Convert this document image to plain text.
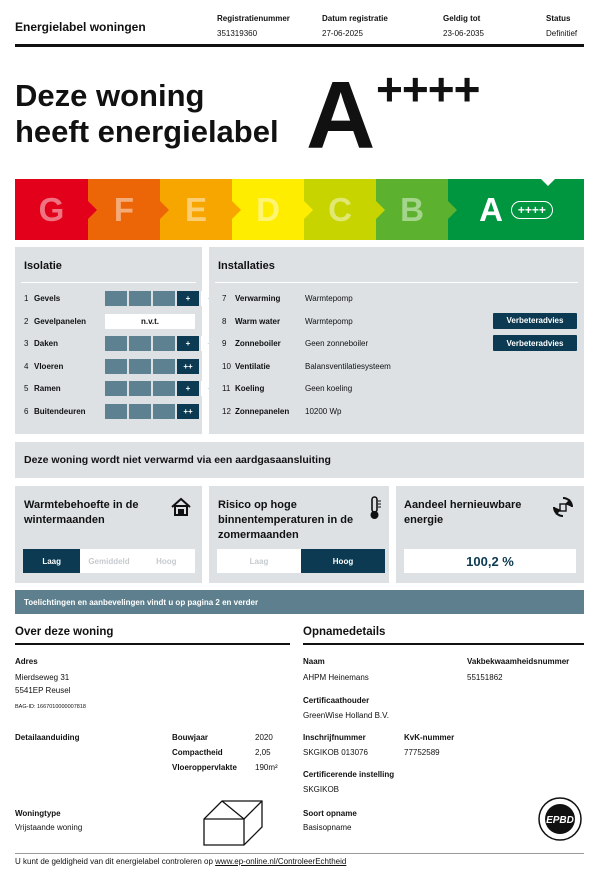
Energielabel woningen
Registratienummer
351319360
Datum registratie
27-06-2025
Geldig tot
23-06-2035
Status
Definitief
Deze woning
heeft energielabel A ++++
G F E D C B A	++++
Isolatie
1 Gevels	+
2 Gevelpanelen	n.v.t.
3 Daken	+
4 Vloeren	++
5 Ramen	+
6 Buitendeuren	++
Installaties
7 Verwarming	Warmtepomp
8 Warm water	Warmtepomp	Verbeteradvies
9 Zonneboiler	Geen zonneboiler	Verbeteradvies
10 Ventilatie	Balansventilatiesysteem
11 Koeling	Geen koeling
12 Zonnepanelen 10200 Wp
Deze woning wordt niet verwarmd via een aardgasaansluiting
Warmtebehoefte in de wintermaanden
Laag	Gemiddeld	Hoog
Risico op hoge binnentemperaturen in de zomermaanden
Laag	Hoog
Aandeel hernieuwbare energie
100,2 %
Toelichtingen en aanbevelingen vindt u op pagina 2 en verder
Over deze woning
Adres
Mierdseweg 31
5541EP Reusel
BAG-ID: 1667010000007818
Detailaanduiding	Bouwjaar	2020
Compactheid	2,05
Vloeroppervlakte 190m²
Woningtype
Vrijstaande woning
Opnamedetails
Naam
AHPM Heinemans
Vakbekwaamheidsnummer
55151862
Certificaathouder
GreenWise Holland B.V.
Inschrijfnummer
SKGIKOB 013076
KvK-nummer
77752589
Certificerende instelling
SKGIKOB
Soort opname
Basisopname
EPBD
U kunt de geldigheid van dit energielabel controleren op www.ep-online.nl/ControleerEchtheid
